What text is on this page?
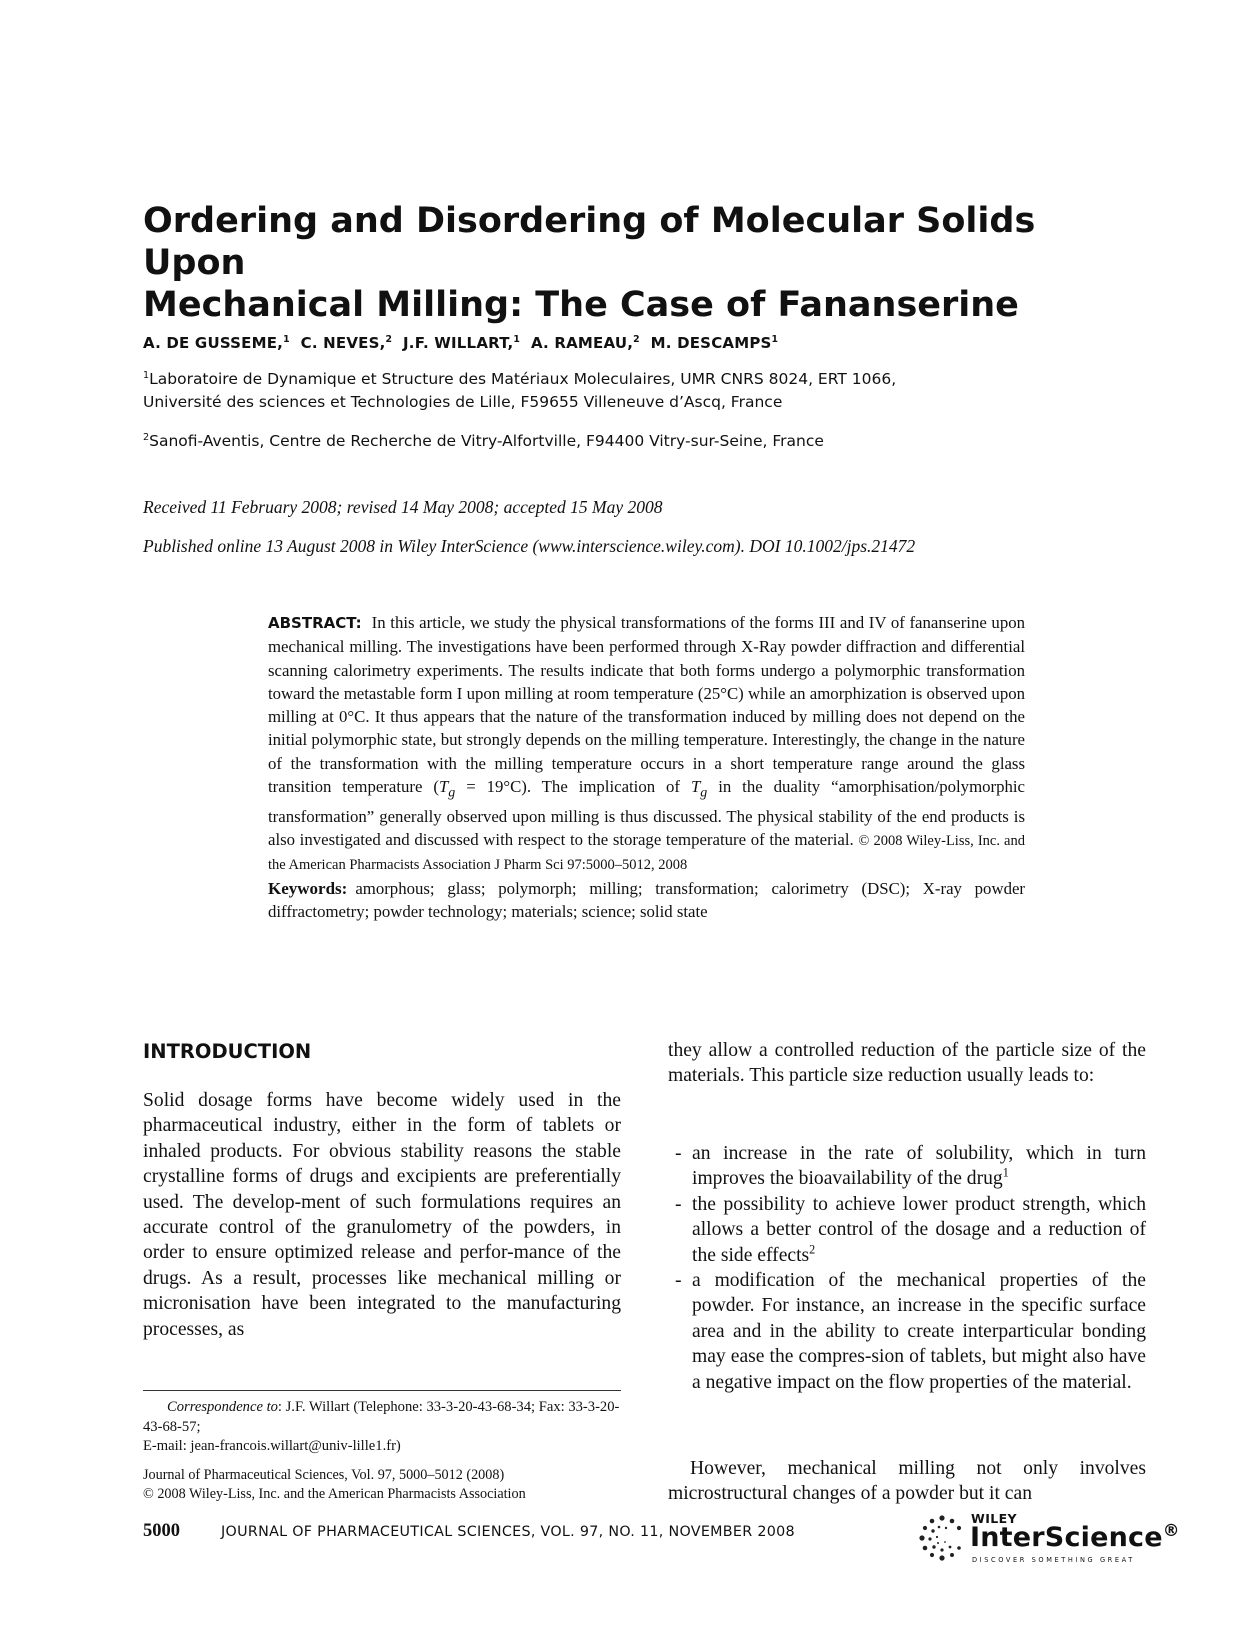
Ordering and Disordering of Molecular Solids Upon
Mechanical Milling: The Case of Fananserine
A. DE GUSSEME,$^1$ C. NEVES,$^2$ J.F. WILLART,$^1$ A. RAMEAU,$^2$ M. DESCAMPS$^1$
$^1$Laboratoire de Dynamique et Structure des Matériaux Moleculaires, UMR CNRS 8024, ERT 1066,
Université des sciences et Technologies de Lille, F59655 Villeneuve d’Ascq, France
$^2$Sanofi-Aventis, Centre de Recherche de Vitry-Alfortville, F94400 Vitry-sur-Seine, France
Received 11 February 2008; revised 14 May 2008; accepted 15 May 2008
Published online 13 August 2008 in Wiley InterScience (www.interscience.wiley.com). DOI 10.1002/jps.21472
ABSTRACT: In this article, we study the physical transformations of the forms III and IV of fananserine upon mechanical milling. The investigations have been performed through X-Ray powder diffraction and differential scanning calorimetry experiments. The results indicate that both forms undergo a polymorphic transformation toward the metastable form I upon milling at room temperature (25°C) while an amorphization is observed upon milling at 0°C. It thus appears that the nature of the transformation induced by milling does not depend on the initial polymorphic state, but strongly depends on the milling temperature. Interestingly, the change in the nature of the transformation with the milling temperature occurs in a short temperature range around the glass transition temperature $(T_g = 19^\circ C)$. The implication of $T_g$ in the duality “amorphisation/polymorphic transformation” generally observed upon milling is thus discussed. The physical stability of the end products is also investigated and discussed with respect to the storage temperature of the material. © 2008 Wiley-Liss, Inc. and the American Pharmacists Association J Pharm Sci 97:5000–5012, 2008
Keywords: amorphous; glass; polymorph; milling; transformation; calorimetry (DSC); X-ray powder diffractometry; powder technology; materials; science; solid state
INTRODUCTION
Solid dosage forms have become widely used in the pharmaceutical industry, either in the form of tablets or inhaled products. For obvious stability reasons the stable crystalline forms of drugs and excipients are preferentially used. The develop-ment of such formulations requires an accurate control of the granulometry of the powders, in order to ensure optimized release and perfor-mance of the drugs. As a result, processes like mechanical milling or micronisation have been integrated to the manufacturing processes, as
they allow a controlled reduction of the particle size of the materials. This particle size reduction usually leads to:
- an increase in the rate of solubility, which in turn improves the bioavailability of the drug$^1$
- the possibility to achieve lower product strength, which allows a better control of the dosage and a reduction of the side effects$^2$
- a modification of the mechanical properties of the powder. For instance, an increase in the specific surface area and in the ability to create interparticular bonding may ease the compres-sion of tablets, but might also have a negative impact on the flow properties of the material.
However, mechanical milling not only involves microstructural changes of a powder but it can
Correspondence to: J.F. Willart (Telephone: 33-3-20-43-68-34; Fax: 33-3-20-43-68-57;
E-mail: jean-francois.willart@univ-lille1.fr)
Journal of Pharmaceutical Sciences, Vol. 97, 5000–5012 (2008)
© 2008 Wiley-Liss, Inc. and the American Pharmacists Association
5000	JOURNAL OF PHARMACEUTICAL SCIENCES, VOL. 97, NO. 11, NOVEMBER 2008
WILEY
InterScience®
DISCOVER SOMETHING GREAT
